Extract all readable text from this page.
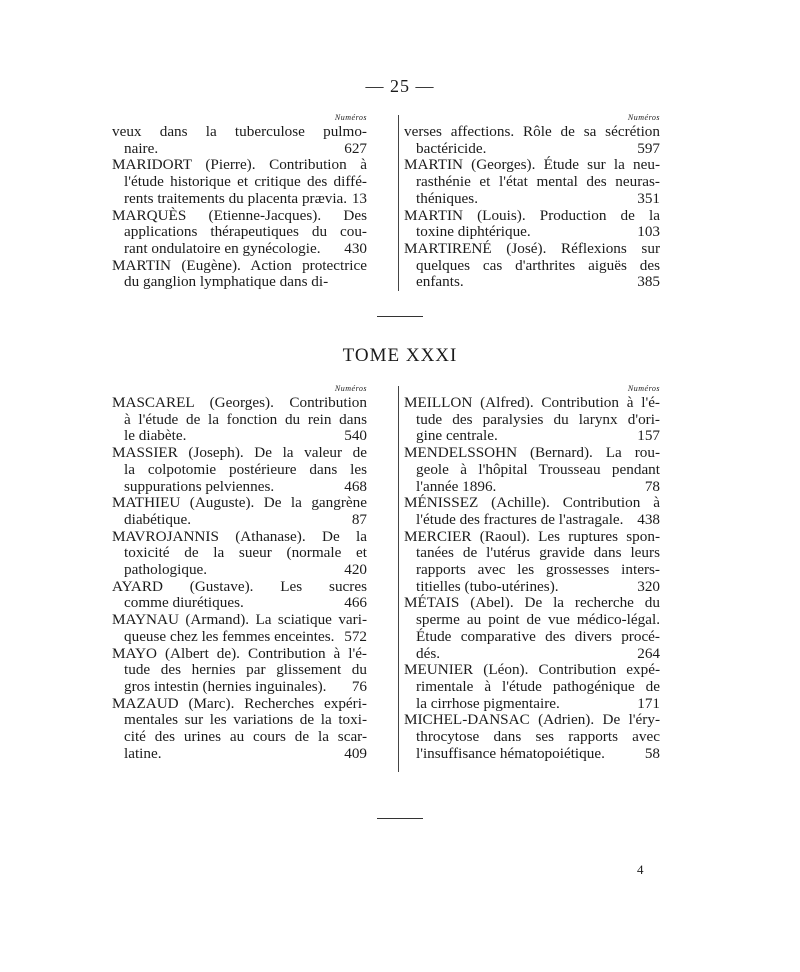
— 25 —
Numéros
veux dans la tuberculose pulmo-
naire.	627
MARIDORT (Pierre). Contribution à
l'étude historique et critique des diffé-
rents traitements du placenta prævia. 13
MARQUÈS (Etienne-Jacques). Des
applications thérapeutiques du cou-
rant ondulatoire en gynécologie.	430
MARTIN (Eugène). Action protectrice
du ganglion lymphatique dans di-
Numéros
verses affections. Rôle de sa sécrétion
bactéricide.	597
MARTIN (Georges). Étude sur la neu-
rasthénie et l'état mental des neuras-
théniques.	351
MARTIN (Louis). Production de la
toxine diphtérique.	103
MARTIRENÉ (José). Réflexions sur
quelques cas d'arthrites aiguës des
enfants.	385
TOME XXXI
Numéros
MASCAREL (Georges). Contribution
à l'étude de la fonction du rein dans
le diabète.	540
MASSIER (Joseph). De la valeur de
la colpotomie postérieure dans les
suppurations pelviennes.	468
MATHIEU (Auguste). De la gangrène
diabétique.	87
MAVROJANNIS (Athanase). De la
toxicité de la sueur (normale et
pathologique.	420
AYARD (Gustave). Les sucres
comme diurétiques.	466
MAYNAU (Armand). La sciatique vari-
queuse chez les femmes enceintes. 572
MAYO (Albert de). Contribution à l'é-
tude des hernies par glissement du
gros intestin (hernies inguinales).	76
MAZAUD (Marc). Recherches expéri-
mentales sur les variations de la toxi-
cité des urines au cours de la scar-
latine.	409
Numéros
MEILLON (Alfred). Contribution à l'é-
tude des paralysies du larynx d'ori-
gine centrale.	157
MENDELSSOHN (Bernard). La rou-
geole à l'hôpital Trousseau pendant
l'année 1896.	78
MÉNISSEZ (Achille). Contribution à
l'étude des fractures de l'astragale. 438
MERCIER (Raoul). Les ruptures spon-
tanées de l'utérus gravide dans leurs
rapports avec les grossesses inters-
titielles (tubo-utérines).	320
MÉTAIS (Abel). De la recherche du
sperme au point de vue médico-légal.
Étude comparative des divers procé-
dés.	264
MEUNIER (Léon). Contribution expé-
rimentale à l'étude pathogénique de
la cirrhose pigmentaire.	171
MICHEL-DANSAC (Adrien). De l'éry-
throcytose dans ses rapports avec
l'insuffisance hématopoiétique.	58
4
